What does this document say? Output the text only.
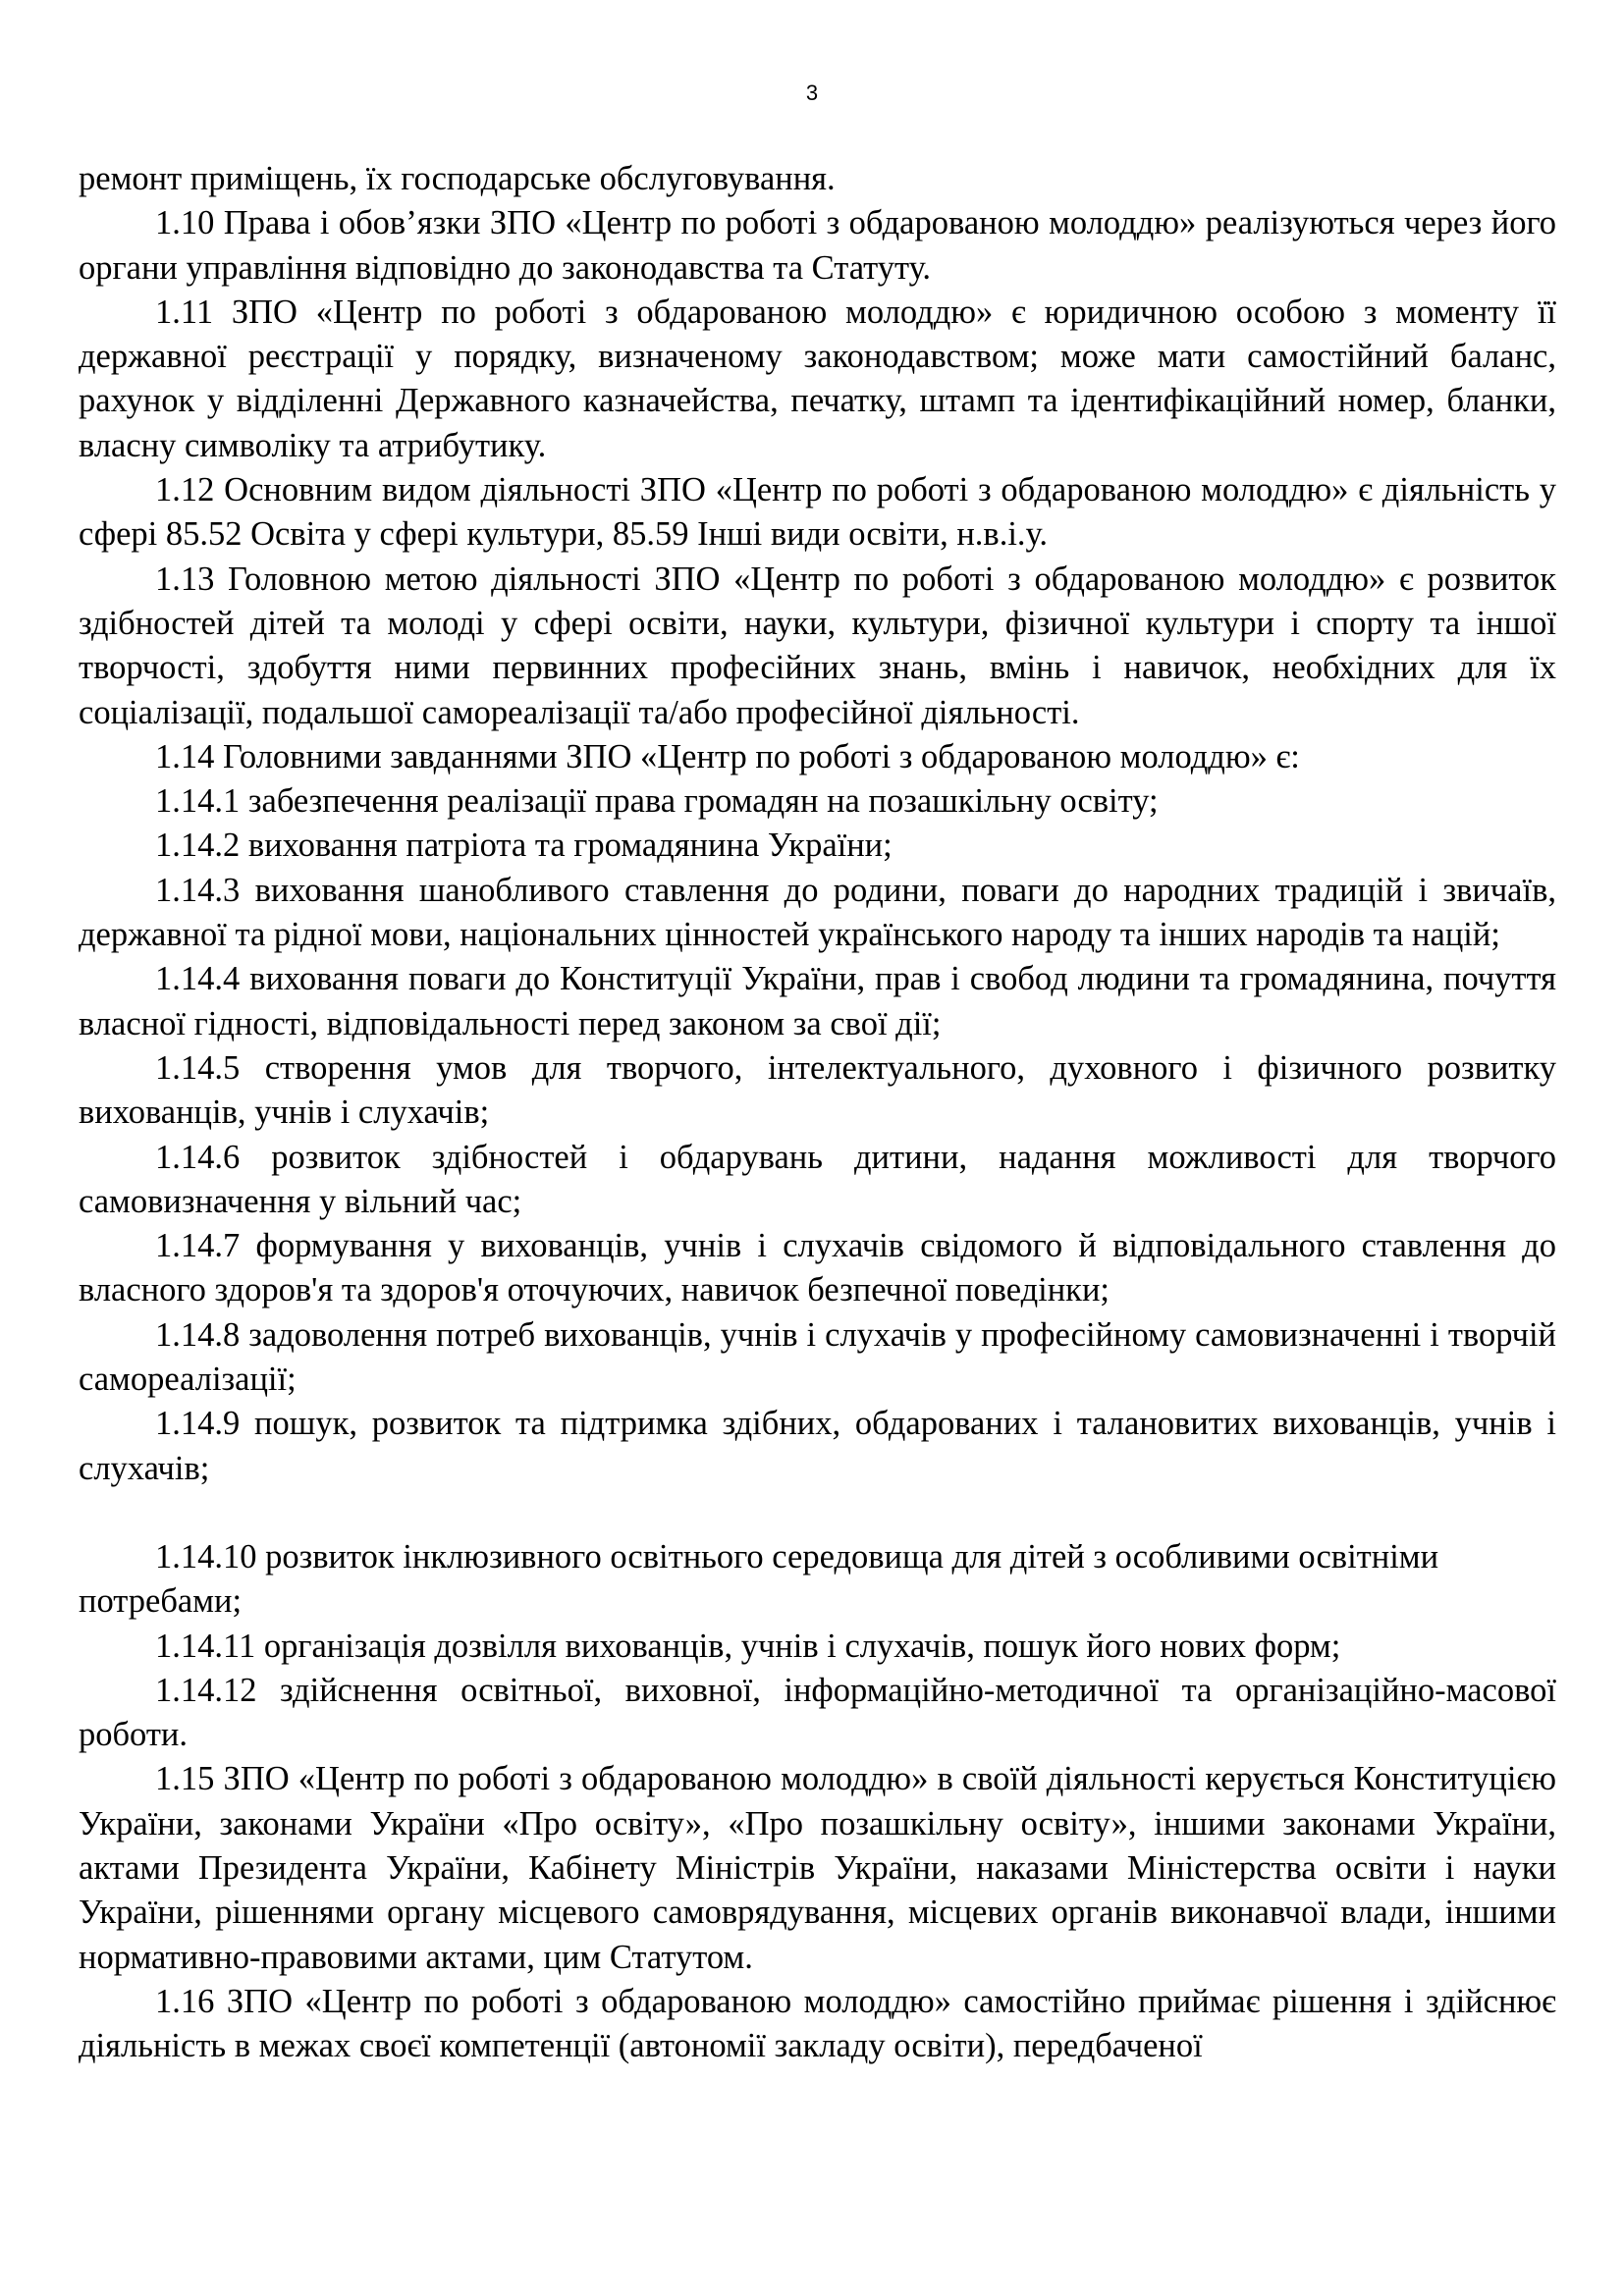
3

ремонт приміщень, їх господарське обслуговування.

1.10 Права і обов’язки ЗПО «Центр по роботі з обдарованою молоддю» реалізуються через його органи управління відповідно до законодавства та Статуту.

1.11 ЗПО «Центр по роботі з обдарованою молоддю» є юридичною особою з моменту її державної реєстрації у порядку, визначеному законодавством; може мати самостійний баланс, рахунок у відділенні Державного казначейства, печатку, штамп та ідентифікаційний номер, бланки, власну символіку та атрибутику.

1.12 Основним видом діяльності ЗПО «Центр по роботі з обдарованою молоддю» є діяльність у сфері 85.52 Освіта у сфері культури, 85.59 Інші види освіти, н.в.і.у.

1.13 Головною метою діяльності ЗПО «Центр по роботі з обдарованою молоддю» є розвиток здібностей дітей та молоді у сфері освіти, науки, культури, фізичної культури і спорту та іншої творчості, здобуття ними первинних професійних знань, вмінь і навичок, необхідних для їх соціалізації, подальшої самореалізації та/або професійної діяльності.

1.14 Головними завданнями ЗПО «Центр по роботі з обдарованою молоддю» є:

1.14.1 забезпечення реалізації права громадян на позашкільну освіту;

1.14.2 виховання патріота та громадянина України;

1.14.3 виховання шанобливого ставлення до родини, поваги до народних традицій і звичаїв, державної та рідної мови, національних цінностей українського народу та інших народів та націй;

1.14.4 виховання поваги до Конституції України, прав і свобод людини та громадянина, почуття власної гідності, відповідальності перед законом за свої дії;

1.14.5 створення умов для творчого, інтелектуального, духовного і фізичного розвитку вихованців, учнів і слухачів;

1.14.6 розвиток здібностей і обдарувань дитини, надання можливості для творчого самовизначення у вільний час;

1.14.7 формування у вихованців, учнів і слухачів свідомого й відповідального ставлення до власного здоров'я та здоров'я оточуючих, навичок безпечної поведінки;

1.14.8 задоволення потреб вихованців, учнів і слухачів у професійному самовизначенні і творчій самореалізації;

1.14.9 пошук, розвиток та підтримка здібних, обдарованих і талановитих вихованців, учнів і слухачів;

1.14.10 розвиток інклюзивного освітнього середовища для дітей з особливими освітніми потребами;

1.14.11 організація дозвілля вихованців, учнів і слухачів, пошук його нових форм;

1.14.12 здійснення освітньої, виховної, інформаційно-методичної та організаційно-масової роботи.

1.15 ЗПО «Центр по роботі з обдарованою молоддю» в своїй діяльності керується Конституцією України, законами України «Про освіту», «Про позашкільну освіту», іншими законами України, актами Президента України, Кабінету Міністрів України, наказами Міністерства освіти і науки України, рішеннями органу місцевого самоврядування, місцевих органів виконавчої влади, іншими нормативно-правовими актами, цим Статутом.

1.16 ЗПО «Центр по роботі з обдарованою молоддю» самостійно приймає рішення і здійснює діяльність в межах своєї компетенції (автономії закладу освіти), передбаченої
